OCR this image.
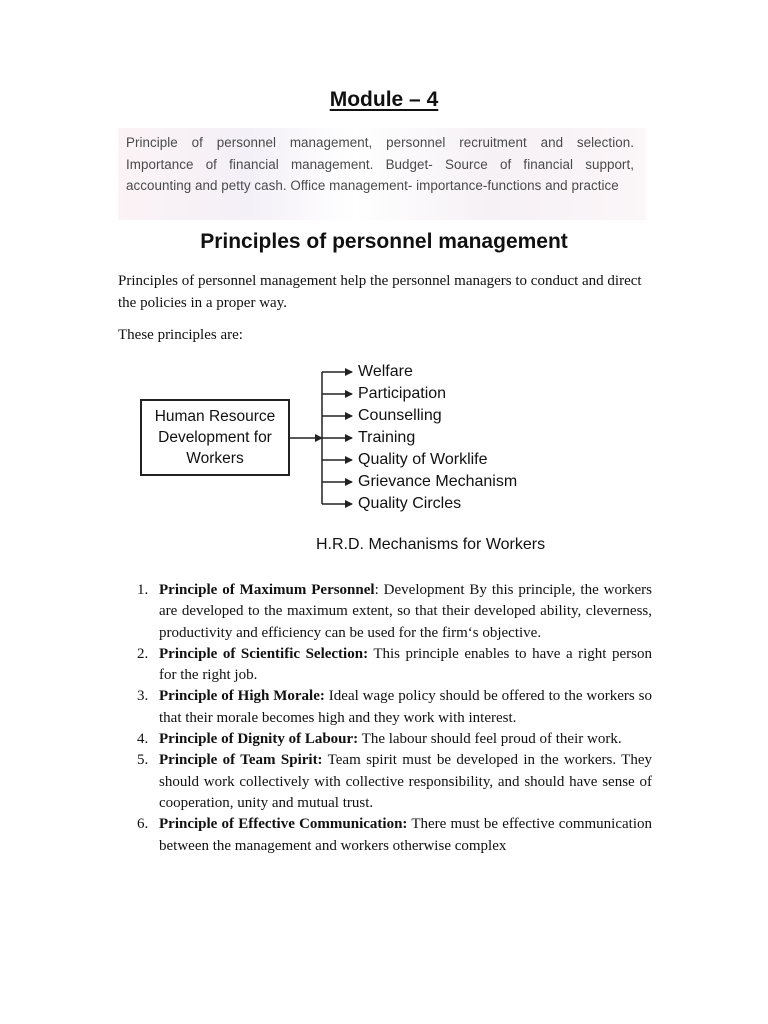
Module – 4
Principle of personnel management, personnel recruitment and selection. Importance of financial management. Budget- Source of financial support, accounting and petty cash. Office management- importance-functions and practice
Principles of personnel management
Principles of personnel management help the personnel managers to conduct and direct the policies in a proper way.
These principles are:
Human Resource
Development for
Workers
Welfare
Participation
Counselling
Training
Quality of Worklife
Grievance Mechanism
Quality Circles
H.R.D. Mechanisms for Workers
1. Principle of Maximum Personnel: Development By this principle, the workers are developed to the maximum extent, so that their developed ability, cleverness, productivity and efficiency can be used for the firm‘s objective.
2. Principle of Scientific Selection: This principle enables to have a right person for the right job.
3. Principle of High Morale: Ideal wage policy should be offered to the workers so that their morale becomes high and they work with interest.
4. Principle of Dignity of Labour: The labour should feel proud of their work.
5. Principle of Team Spirit: Team spirit must be developed in the workers. They should work collectively with collective responsibility, and should have sense of cooperation, unity and mutual trust.
6. Principle of Effective Communication: There must be effective communication between the management and workers otherwise complex
